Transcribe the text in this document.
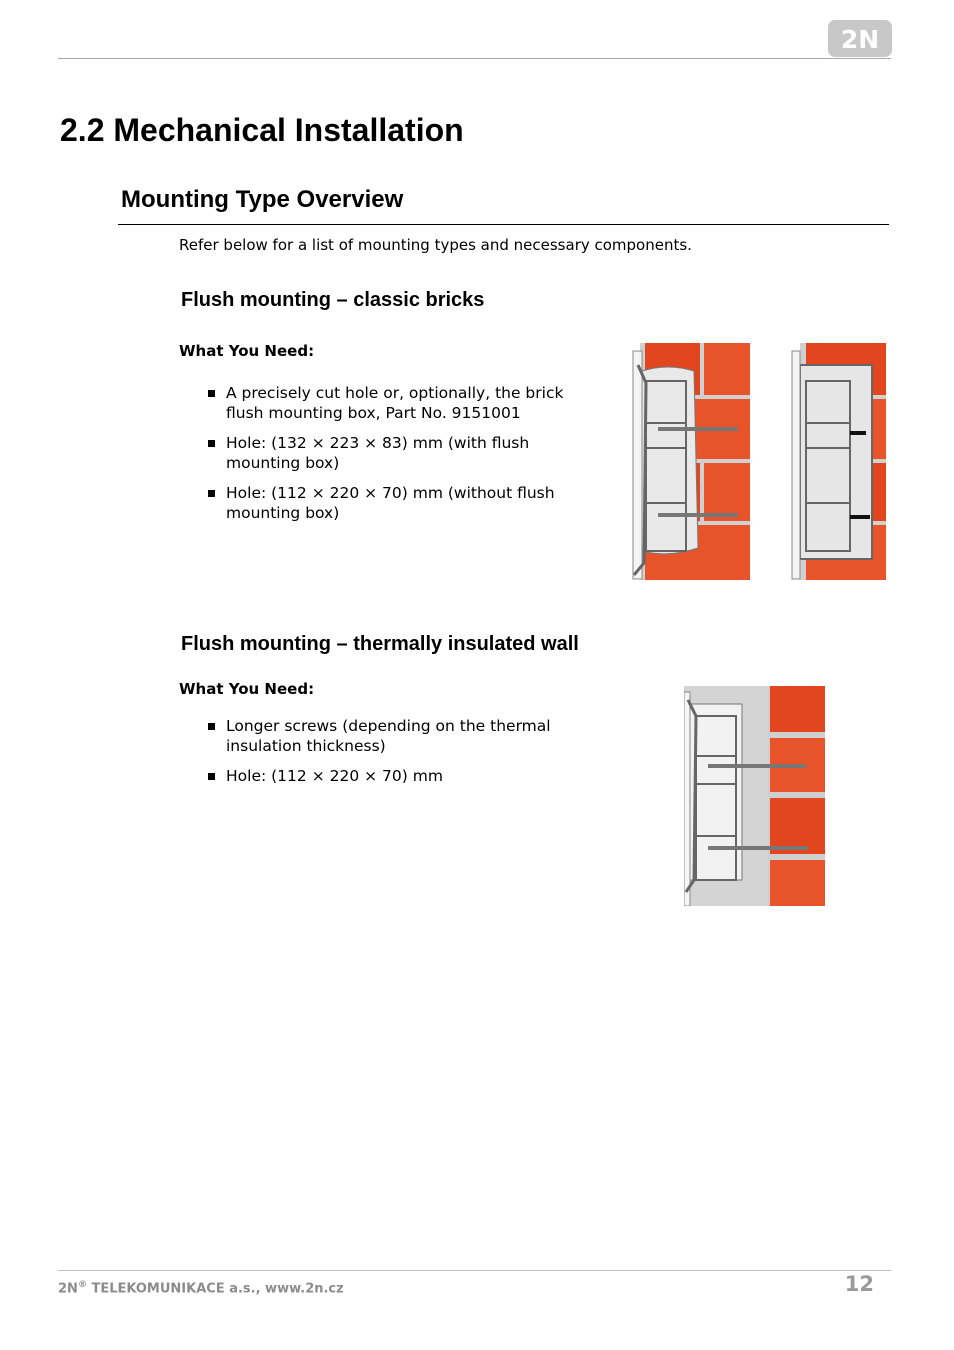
2N
2.2 Mechanical Installation
Mounting Type Overview
Refer below for a list of mounting types and necessary components.
Flush mounting – classic bricks
What You Need:
A precisely cut hole or, optionally, the brick flush mounting box, Part No. 9151001
Hole: (132 × 223 × 83) mm (with flush mounting box)
Hole: (112 × 220 × 70) mm (without flush mounting box)
Flush mounting – thermally insulated wall
What You Need:
Longer screws (depending on the thermal insulation thickness)
Hole: (112 × 220 × 70) mm
2N® TELEKOMUNIKACE a.s., www.2n.cz	12
